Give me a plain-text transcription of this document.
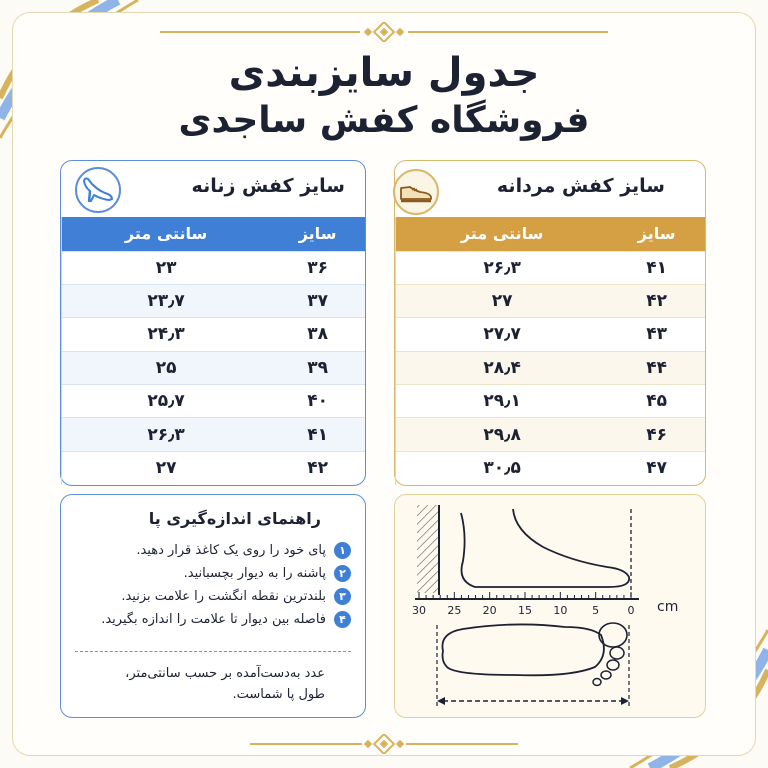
جدول سایزبندی
فروشگاه کفش ساجدی
سایز کفش زنانه
سایز	سانتی متر
۳۶	۲۳
۳۷	۲۳٫۷
۳۸	۲۴٫۳
۳۹	۲۵
۴۰	۲۵٫۷
۴۱	۲۶٫۳
۴۲	۲۷
سایز کفش مردانه
سایز	سانتی متر
۴۱	۲۶٫۳
۴۲	۲۷
۴۳	۲۷٫۷
۴۴	۲۸٫۴
۴۵	۲۹٫۱
۴۶	۲۹٫۸
۴۷	۳۰٫۵
راهنمای اندازه‌گیری پا
۱
پای خود را روی یک کاغذ قرار دهید.
۲
پاشنه را به دیوار بچسبانید.
۳
بلندترین نقطه انگشت را علامت بزنید.
۴
فاصله بین دیوار تا علامت را اندازه بگیرید.
عدد به‌دست‌آمده بر حسب سانتی‌متر،
طول پا شماست.
30 25 20 15 10 5	0 cm
